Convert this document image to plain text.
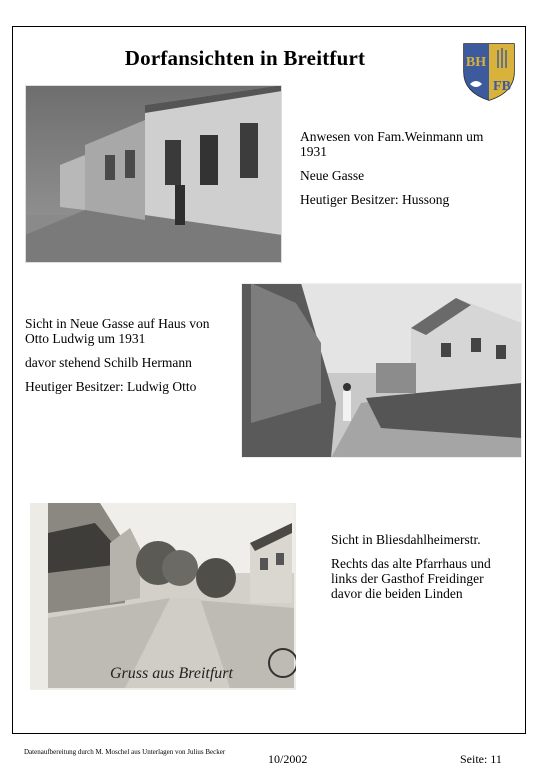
Dorfansichten in Breitfurt	BH
FB

Anwesen von Fam.Weinmann um 1931

Neue Gasse

Heutiger Besitzer: Hussong

Sicht in Neue Gasse auf Haus von Otto Ludwig um 1931

davor stehend Schilb Hermann

Heutiger Besitzer: Ludwig Otto

Gruss aus Breitfurt

Sicht in Bliesdahlheimerstr.

Rechts das alte Pfarrhaus und links der Gasthof Freidinger davor die beiden Linden

Datenaufbereitung durch M. Moschel aus Unterlagen von Julius Becker	10/2002	Seite: 11
